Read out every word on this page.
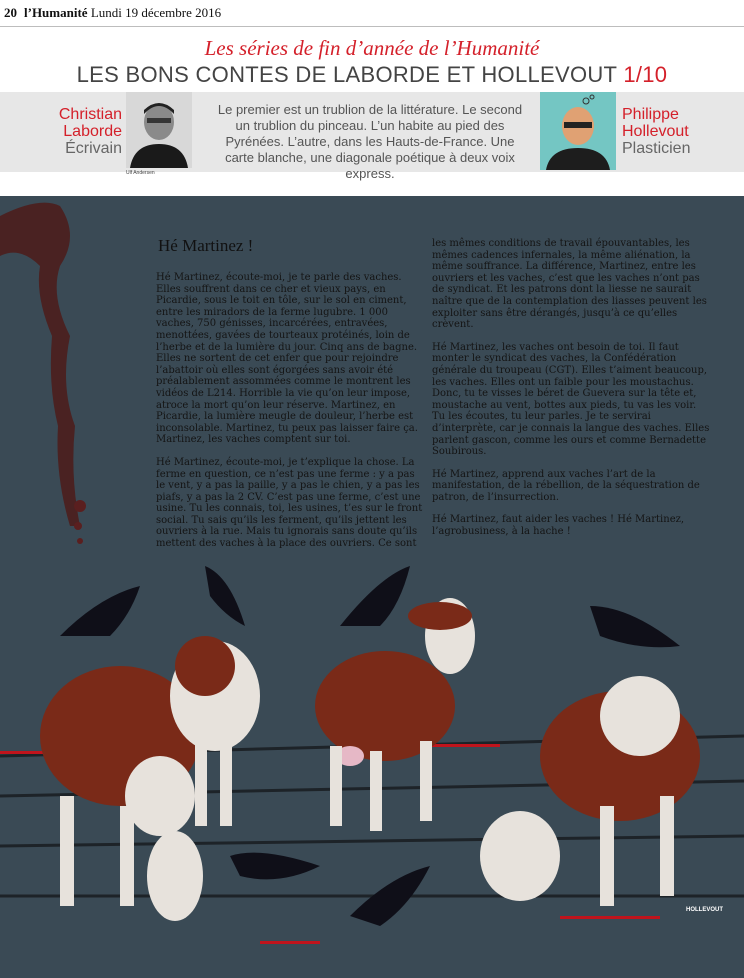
20 l’Humanité Lundi 19 décembre 2016
Les séries de fin d’année de l’Humanité
LES BONS CONTES DE LABORDE ET HOLLEVOUT 1/10
Christian
Laborde
Écrivain
Ulf Andersen
Le premier est un trublion de la littérature. Le second un trublion du pinceau. L’un habite au pied des Pyrénées. L’autre, dans les Hauts-de-France. Une carte blanche, une diagonale poétique à deux voix express.
Philippe
Hollevout
Plasticien
Hé Martinez !

Hé Martinez, écoute-moi, je te parle des vaches. Elles souffrent dans ce cher et vieux pays, en Picardie, sous le toit en tôle, sur le sol en ciment, entre les miradors de la ferme lugubre. 1 000 vaches, 750 génisses, incarcérées, entravées, menottées, gavées de tourteaux protéinés, loin de l’herbe et de la lumière du jour. Cinq ans de bagne. Elles ne sortent de cet enfer que pour rejoindre l’abattoir où elles sont égorgées sans avoir été préalablement assommées comme le montrent les vidéos de L214. Horrible la vie qu’on leur impose, atroce la mort qu’on leur réserve. Martinez, en Picardie, la lumière meugle de douleur, l’herbe est inconsolable. Martinez, tu peux pas laisser faire ça. Martinez, les vaches comptent sur toi.

Hé Martinez, écoute-moi, je t’explique la chose. La ferme en question, ce n’est pas une ferme : y a pas le vent, y a pas la paille, y a pas le chien, y a pas les piafs, y a pas la 2 CV. C’est pas une ferme, c’est une usine. Tu les connais, toi, les usines, t’es sur le front social. Tu sais qu’ils les ferment, qu’ils jettent les ouvriers à la rue. Mais tu ignorais sans doute qu’ils mettent des vaches à la place des ouvriers. Ce sont

les mêmes conditions de travail épouvantables, les mêmes cadences infernales, la même aliénation, la même souffrance. La différence, Martinez, entre les ouvriers et les vaches, c’est que les vaches n’ont pas de syndicat. Et les patrons dont la liesse ne saurait naître que de la contemplation des liasses peuvent les exploiter sans être dérangés, jusqu’à ce qu’elles crèvent.

Hé Martinez, les vaches ont besoin de toi. Il faut monter le syndicat des vaches, la Confédération générale du troupeau (CGT). Elles t’aiment beaucoup, les vaches. Elles ont un faible pour les moustachus. Donc, tu te visses le béret de Guevera sur la tête et, moustache au vent, bottes aux pieds, tu vas les voir. Tu les écoutes, tu leur parles. Je te servirai d’interprète, car je connais la langue des vaches. Elles parlent gascon, comme les ours et comme Bernadette Soubirous.

Hé Martinez, apprend aux vaches l’art de la manifestation, de la rébellion, de la séquestration de patron, de l’insurrection.

Hé Martinez, faut aider les vaches ! Hé Martinez, l’agrobusiness, à la hache !

HOLLEVOUT
